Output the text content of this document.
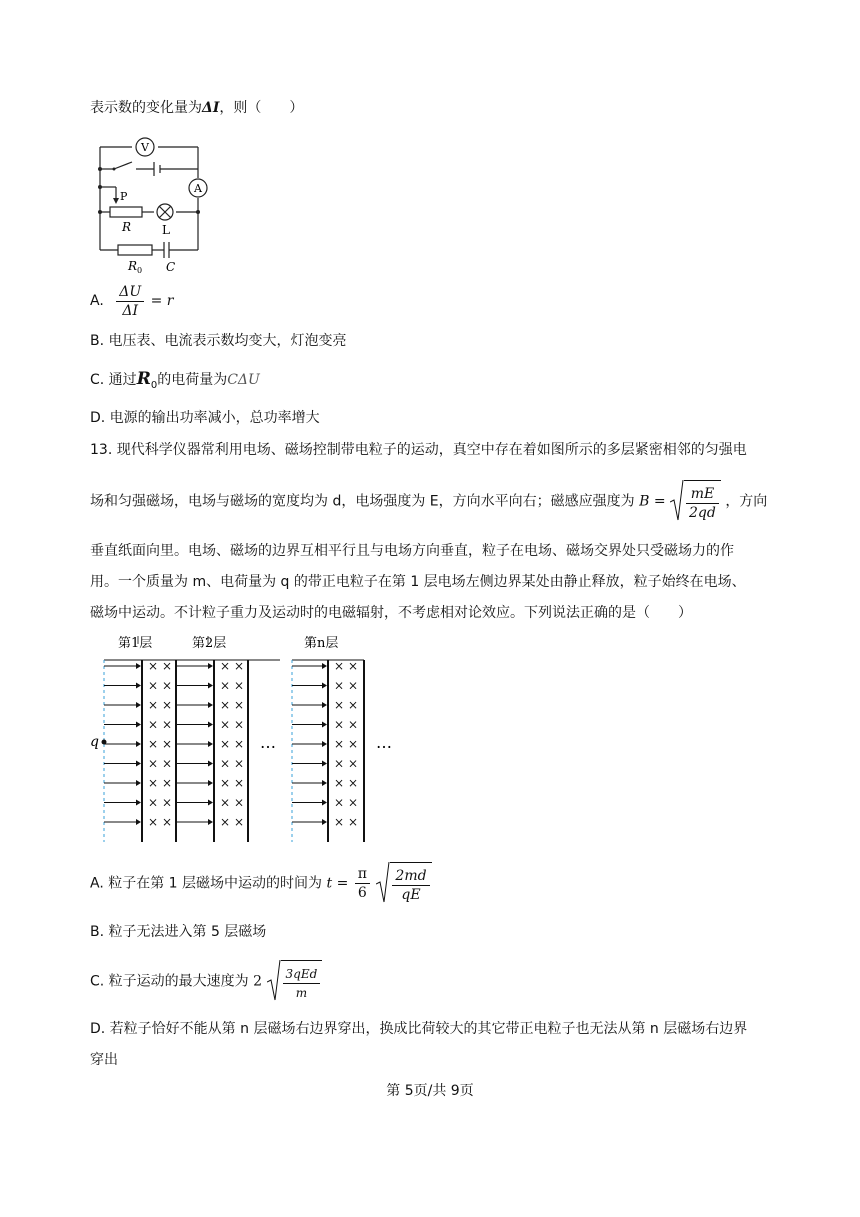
表示数的变化量为ΔI，则（　　）
V
A
P
R	L
R 0 C
A. $\frac{\Delta U}{\Delta I} = r$
B. 电压表、电流表示数均变大，灯泡变亮
C. 通过$R_0$的电荷量为CΔU
D. 电源的输出功率减小，总功率增大
13. 现代科学仪器常利用电场、磁场控制带电粒子的运动，真空中存在着如图所示的多层紧密相邻的匀强电
场和匀强磁场，电场与磁场的宽度均为 d，电场强度为 E，方向水平向右；磁感应强度为 $B = \frac{mE}{2qd}$ ，方向
垂直纸面向里。电场、磁场的边界互相平行且与电场方向垂直，粒子在电场、磁场交界处只受磁场力的作
用。一个质量为 m、电荷量为 q 的带正电粒子在第 1 层电场左侧边界某处由静止释放，粒子始终在电场、
磁场中运动。不计粒子重力及运动时的电磁辐射，不考虑相对论效应。下列说法正确的是（　　）
× ×
× ×
× ×
× ×
× ×
× ×
× ×
× ×
× ×
× ×
× ×
× ×
× ×
× ×
× ×
× ×
× ×
× ×
× ×
× ×
× ×
× ×
× ×
× ×
× ×
× ×
× ×
第1层	第2层	第n层
q	…	…
A. 粒子在第 1 层磁场中运动的时间为 $t = \frac{\pi}{6}$
$\frac{2md}{qE}$
B. 粒子无法进入第 5 层磁场
C. 粒子运动的最大速度为 $2 \frac{\text{3qEd}}{m}$
D. 若粒子恰好不能从第 n 层磁场右边界穿出，换成比荷较大的其它带正电粒子也无法从第 n 层磁场右边界
穿出
第 5页/共 9页
